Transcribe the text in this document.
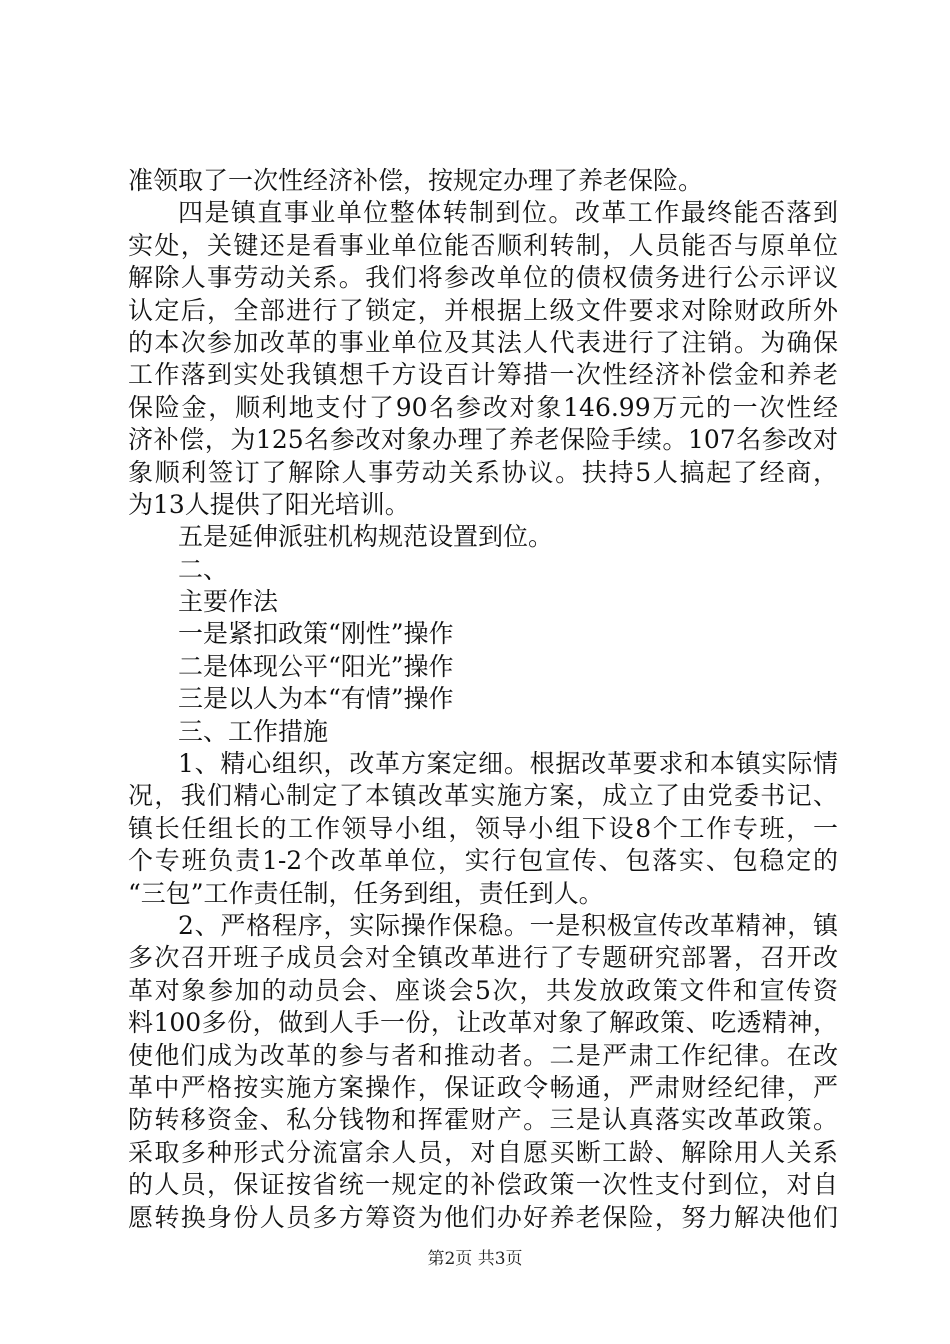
准领取了一次性经济补偿，按规定办理了养老保险。
四是镇直事业单位整体转制到位。改革工作最终能否落到
实处，关键还是看事业单位能否顺利转制，人员能否与原单位
解除人事劳动关系。我们将参改单位的债权债务进行公示评议
认定后，全部进行了锁定，并根据上级文件要求对除财政所外
的本次参加改革的事业单位及其法人代表进行了注销。为确保
工作落到实处我镇想千方设百计筹措一次性经济补偿金和养老
保险金，顺利地支付了90名参改对象146.99万元的一次性经
济补偿，为125名参改对象办理了养老保险手续。107名参改对
象顺利签订了解除人事劳动关系协议。扶持5人搞起了经商，
为13人提供了阳光培训。
五是延伸派驻机构规范设置到位。
二、
主要作法
一是紧扣政策“刚性”操作
二是体现公平“阳光”操作
三是以人为本“有情”操作
三、工作措施
1、精心组织，改革方案定细。根据改革要求和本镇实际情
况，我们精心制定了本镇改革实施方案，成立了由党委书记、
镇长任组长的工作领导小组，领导小组下设8个工作专班，一
个专班负责1-2个改革单位，实行包宣传、包落实、包稳定的
“三包”工作责任制，任务到组，责任到人。
2、严格程序，实际操作保稳。一是积极宣传改革精神，镇
多次召开班子成员会对全镇改革进行了专题研究部署，召开改
革对象参加的动员会、座谈会5次，共发放政策文件和宣传资
料100多份，做到人手一份，让改革对象了解政策、吃透精神，
使他们成为改革的参与者和推动者。二是严肃工作纪律。在改
革中严格按实施方案操作，保证政令畅通，严肃财经纪律，严
防转移资金、私分钱物和挥霍财产。三是认真落实改革政策。
采取多种形式分流富余人员，对自愿买断工龄、解除用人关系
的人员，保证按省统一规定的补偿政策一次性支付到位，对自
愿转换身份人员多方筹资为他们办好养老保险，努力解决他们
第2页 共3页
